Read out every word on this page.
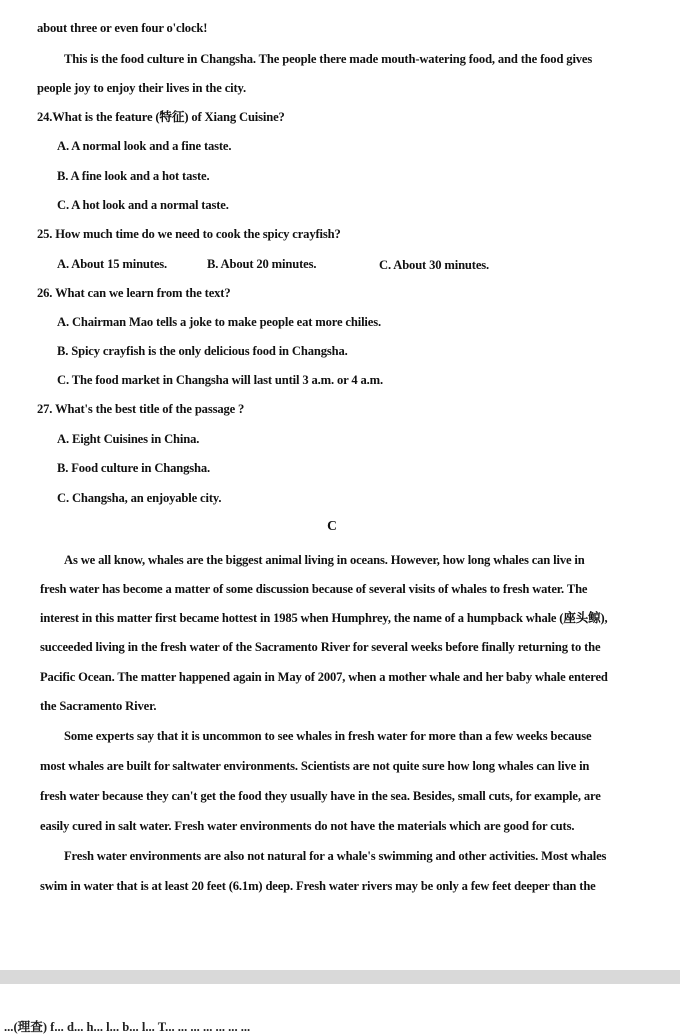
about three or even four o'clock!
This is the food culture in Changsha. The people there made mouth-watering food, and the food gives
people joy to enjoy their lives in the city.
24.What is the feature (特征) of Xiang Cuisine?
A. A normal look and a fine taste.
B. A fine look and a hot taste.
C. A hot look and a normal taste.
25. How much time do we need to cook the spicy crayfish?
A. About 15 minutes.	B. About 20 minutes.	C. About 30 minutes.
26. What can we learn from the text?
A. Chairman Mao tells a joke to make people eat more chilies.
B. Spicy crayfish is the only delicious food in Changsha.
C. The food market in Changsha will last until 3 a.m. or 4 a.m.
27. What's the best title of the passage ?
A. Eight Cuisines in China.
B. Food culture in Changsha.
C. Changsha, an enjoyable city.
C
As we all know, whales are the biggest animal living in oceans. However, how long whales can live in
fresh water has become a matter of some discussion because of several visits of whales to fresh water. The
interest in this matter first became hottest in 1985 when Humphrey, the name of a humpback whale (座头鲸),
succeeded living in the fresh water of the Sacramento River for several weeks before finally returning to the
Pacific Ocean. The matter happened again in May of 2007, when a mother whale and her baby whale entered
the Sacramento River.
Some experts say that it is uncommon to see whales in fresh water for more than a few weeks because
most whales are built for saltwater environments. Scientists are not quite sure how long whales can live in
fresh water because they can't get the food they usually have in the sea. Besides, small cuts, for example, are
easily cured in salt water. Fresh water environments do not have the materials which are good for cuts.
Fresh water environments are also not natural for a whale's swimming and other activities. Most whales
swim in water that is at least 20 feet (6.1m) deep. Fresh water rivers may be only a few feet deeper than the
...(理查) f... d... h... l... b... l... T... ... ... ... ... ... ...
